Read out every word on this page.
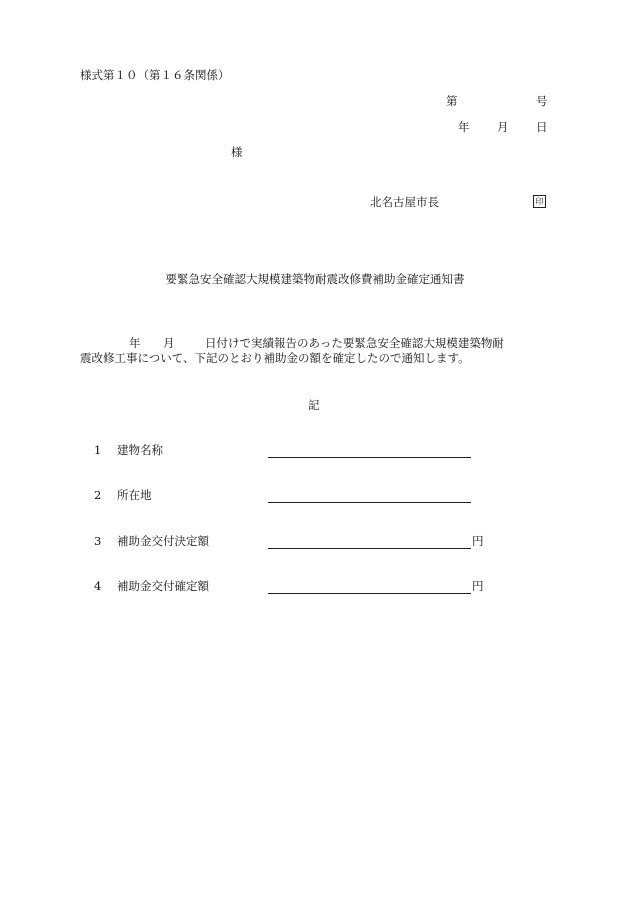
様式第１０（第１６条関係）
第	号
年 月 日
様
北名古屋市長	印
要緊急安全確認大規模建築物耐震改修費補助金確定通知書
年 月	日付けで実績報告のあった要緊急安全確認大規模建築物耐
震改修工事について、下記のとおり補助金の額を確定したので通知します。
記
1 建物名称
2 所在地
3 補助金交付決定額	円
4 補助金交付確定額	円
